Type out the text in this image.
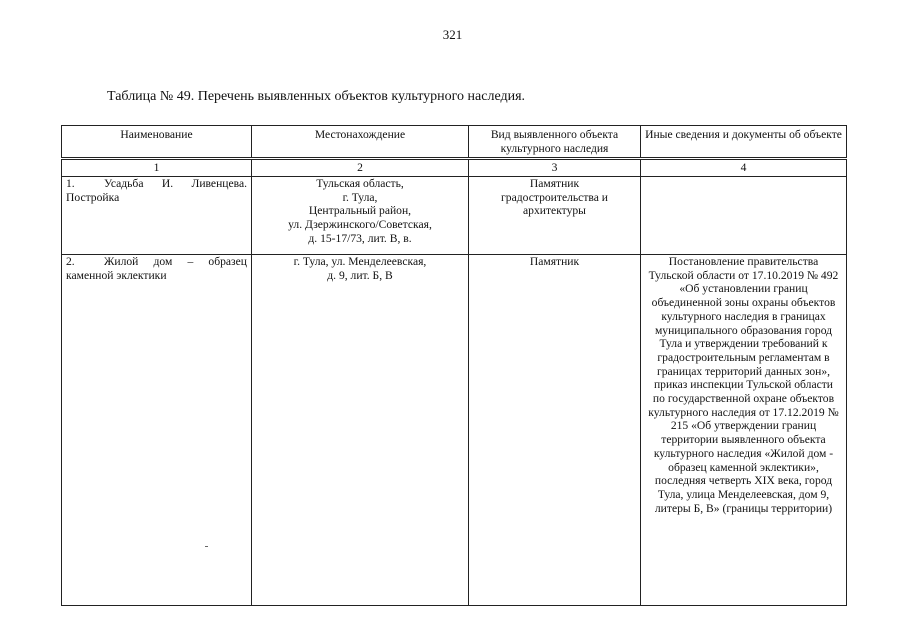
321
Таблица № 49. Перечень выявленных объектов культурного наследия.
Наименование	Местонахождение	Вид выявленного объекта культурного наследия	Иные сведения и документы об объекте
1	2	3	4
1. Усадьба И. Ливенцева. Постройка	Тульская область,
г. Тула,
Центральный район,
ул. Дзержинского/Советская,
д. 15-17/73, лит. В, в.	Памятник градостроительства и архитектуры	
2. Жилой дом – образец каменной эклектики	г. Тула, ул. Менделеевская,
д. 9, лит. Б, В	Памятник	Постановление правительства Тульской области от 17.10.2019 № 492 «Об установлении границ объединенной зоны охраны объектов культурного наследия в границах муниципального образования город Тула и утверждении требований к градостроительным регламентам в границах территорий данных зон», приказ инспекции Тульской области по государственной охране объектов культурного наследия от 17.12.2019 № 215 «Об утверждении границ территории выявленного объекта культурного наследия «Жилой дом - образец каменной эклектики», последняя четверть XIX века, город Тула, улица Менделеевская, дом 9, литеры Б, В» (границы территории)
